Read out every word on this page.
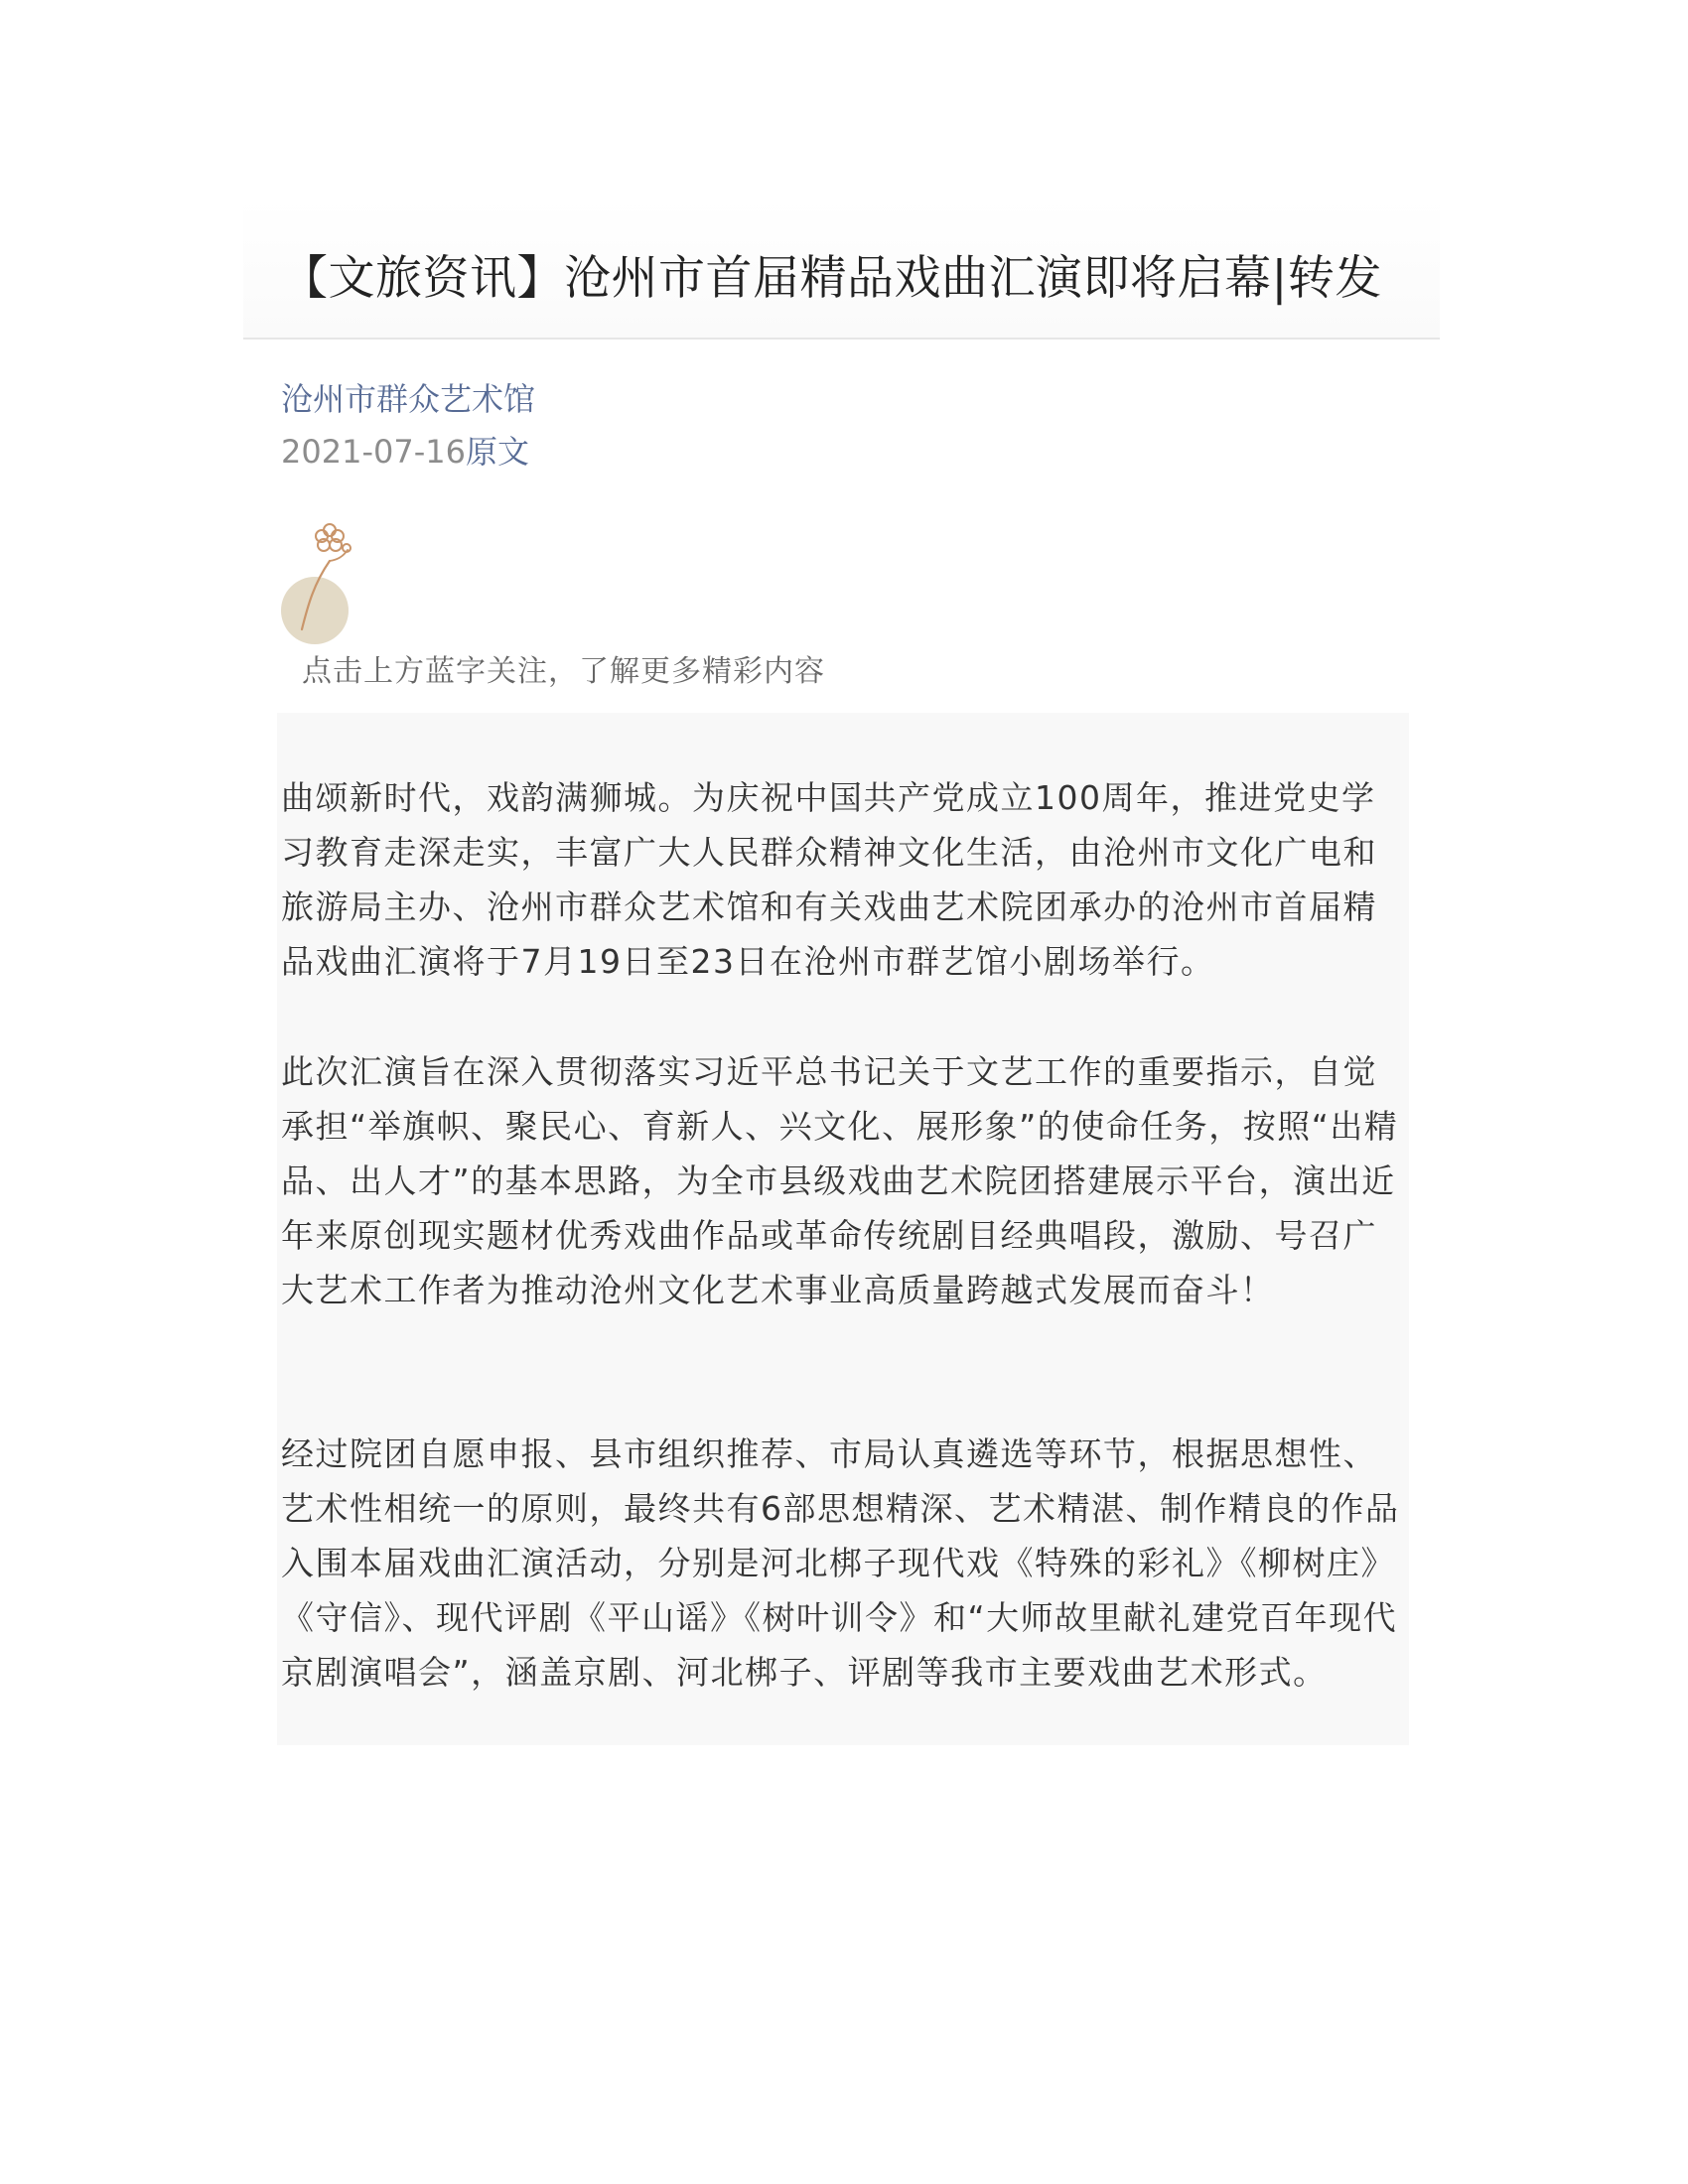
【文旅资讯】沧州市首届精品戏曲汇演即将启幕|转发
沧州市群众艺术馆
2021-07-16原文
点击上方蓝字关注，了解更多精彩内容

曲颂新时代，戏韵满狮城。为庆祝中国共产党成立100周年，推进党史学习教育走深走实，丰富广大人民群众精神文化生活，由沧州市文化广电和旅游局主办、沧州市群众艺术馆和有关戏曲艺术院团承办的沧州市首届精品戏曲汇演将于7月19日至23日在沧州市群艺馆小剧场举行。

此次汇演旨在深入贯彻落实习近平总书记关于文艺工作的重要指示，自觉承担“举旗帜、聚民心、育新人、兴文化、展形象”的使命任务，按照“出精品、出人才”的基本思路，为全市县级戏曲艺术院团搭建展示平台，演出近年来原创现实题材优秀戏曲作品或革命传统剧目经典唱段，激励、号召广大艺术工作者为推动沧州文化艺术事业高质量跨越式发展而奋斗！

经过院团自愿申报、县市组织推荐、市局认真遴选等环节，根据思想性、艺术性相统一的原则，最终共有6部思想精深、艺术精湛、制作精良的作品入围本届戏曲汇演活动，分别是河北梆子现代戏《特殊的彩礼》《柳树庄》《守信》、现代评剧《平山谣》《树叶训令》和“大师故里献礼建党百年现代京剧演唱会”，涵盖京剧、河北梆子、评剧等我市主要戏曲艺术形式。
